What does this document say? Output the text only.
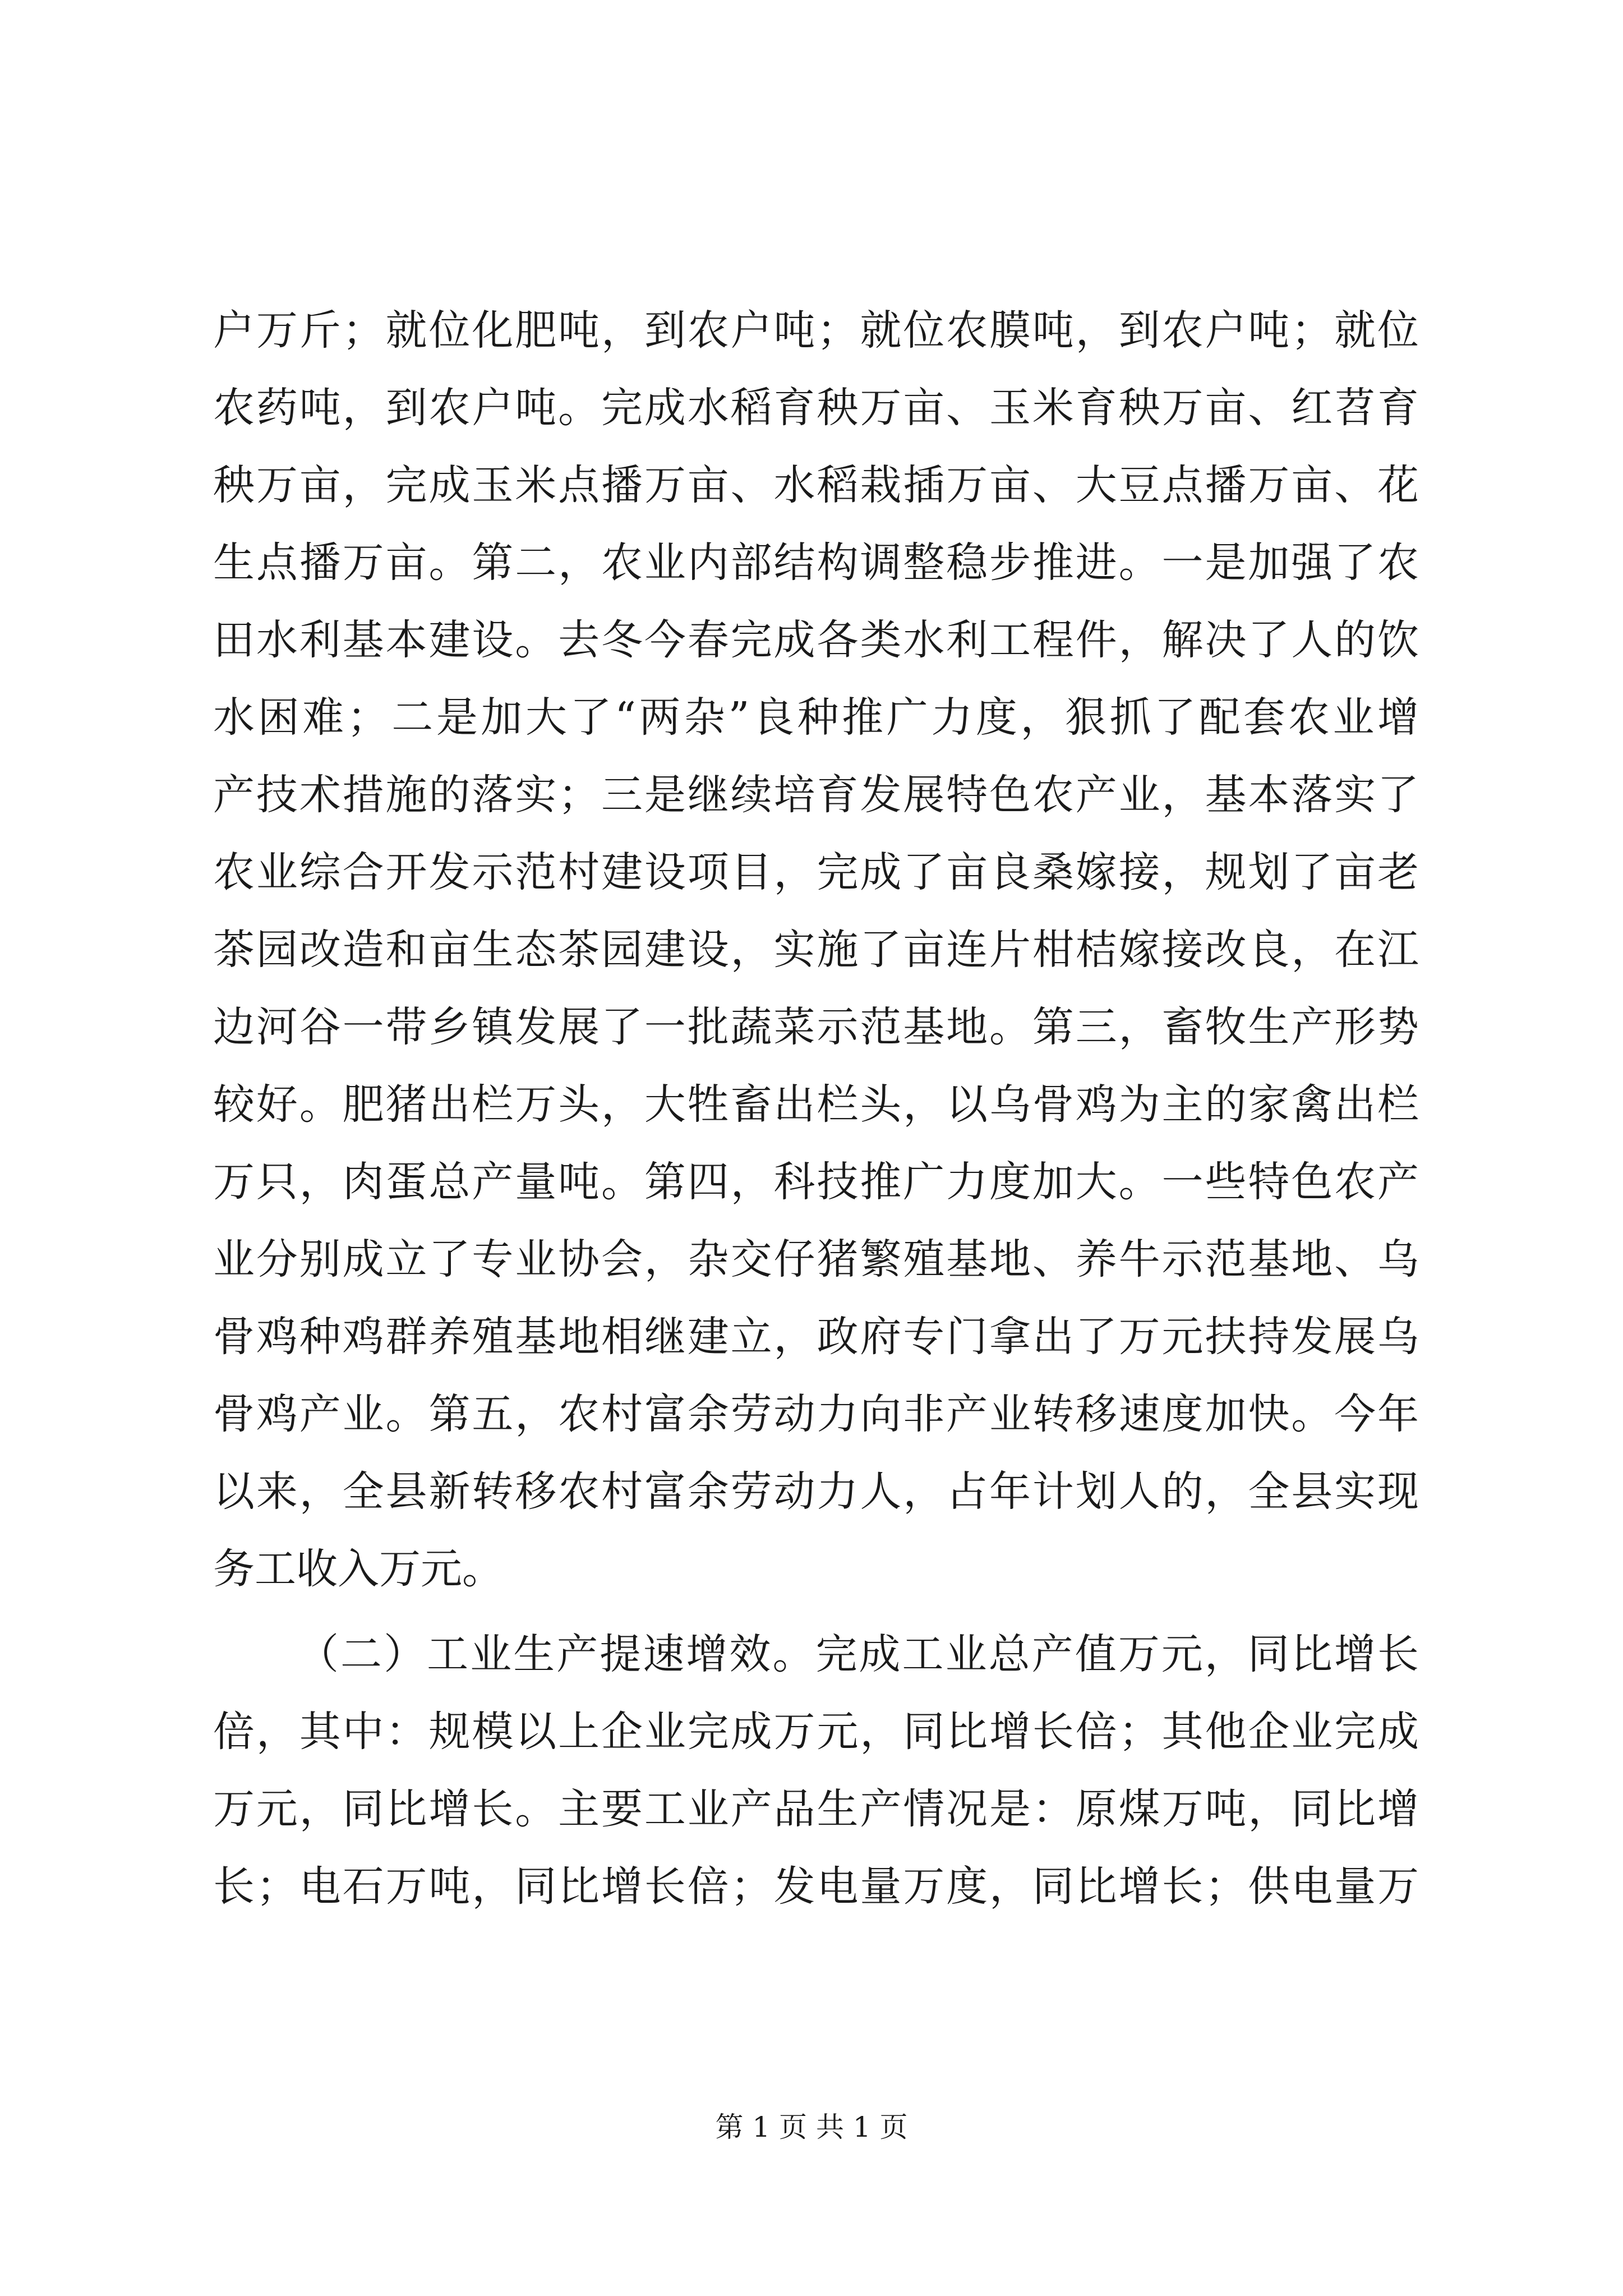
户万斤；就位化肥吨，到农户吨；就位农膜吨，到农户吨；就位
农药吨，到农户吨。完成水稻育秧万亩、玉米育秧万亩、红苕育
秧万亩，完成玉米点播万亩、水稻栽插万亩、大豆点播万亩、花
生点播万亩。第二，农业内部结构调整稳步推进。一是加强了农
田水利基本建设。去冬今春完成各类水利工程件，解决了人的饮
水困难；二是加大了“两杂”良种推广力度，狠抓了配套农业增
产技术措施的落实；三是继续培育发展特色农产业，基本落实了
农业综合开发示范村建设项目，完成了亩良桑嫁接，规划了亩老
茶园改造和亩生态茶园建设，实施了亩连片柑桔嫁接改良，在江
边河谷一带乡镇发展了一批蔬菜示范基地。第三，畜牧生产形势
较好。肥猪出栏万头，大牲畜出栏头，以乌骨鸡为主的家禽出栏
万只，肉蛋总产量吨。第四，科技推广力度加大。一些特色农产
业分别成立了专业协会，杂交仔猪繁殖基地、养牛示范基地、乌
骨鸡种鸡群养殖基地相继建立，政府专门拿出了万元扶持发展乌
骨鸡产业。第五，农村富余劳动力向非产业转移速度加快。今年
以来，全县新转移农村富余劳动力人，占年计划人的，全县实现
务工收入万元。
（二）工业生产提速增效。完成工业总产值万元，同比增长
倍，其中：规模以上企业完成万元，同比增长倍；其他企业完成
万元，同比增长。主要工业产品生产情况是：原煤万吨，同比增
长；电石万吨，同比增长倍；发电量万度，同比增长；供电量万
第 1 页 共 1 页
